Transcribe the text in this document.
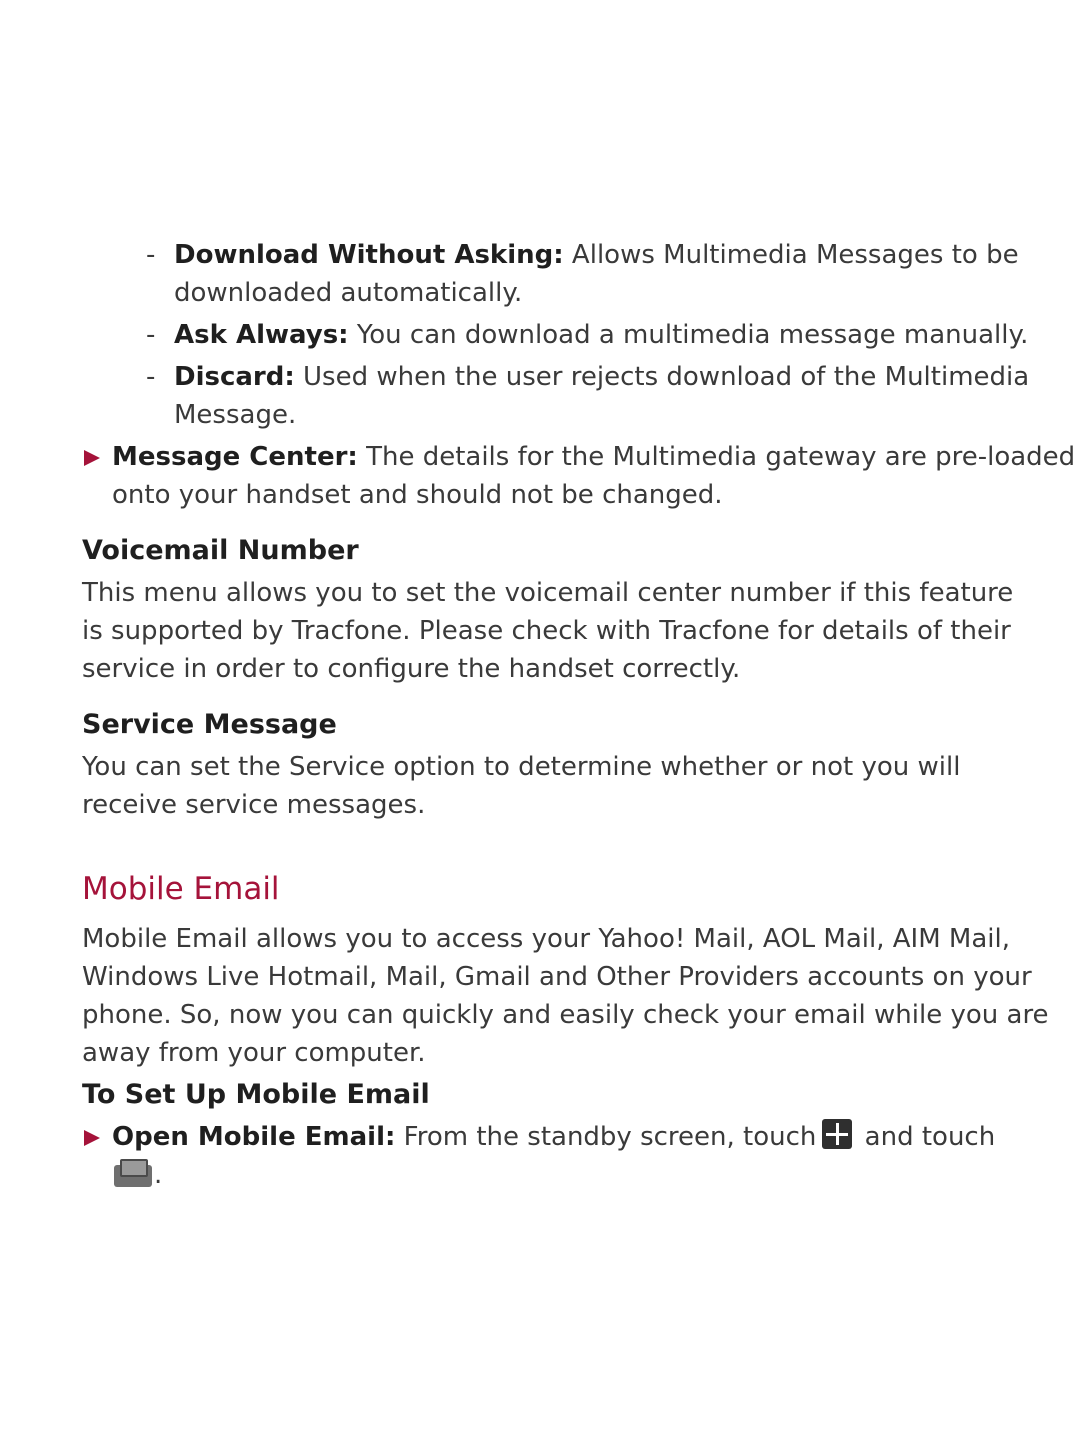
- Download Without Asking: Allows Multimedia Messages to be
downloaded automatically.
- Ask Always: You can download a multimedia message manually.
- Discard: Used when the user rejects download of the Multimedia
Message.
Message Center: The details for the Multimedia gateway are pre-loaded
onto your handset and should not be changed.
Voicemail Number
This menu allows you to set the voicemail center number if this feature
is supported by Tracfone. Please check with Tracfone for details of their
service in order to configure the handset correctly.
Service Message
You can set the Service option to determine whether or not you will
receive service messages.
Mobile Email
Mobile Email allows you to access your Yahoo! Mail, AOL Mail, AIM Mail,
Windows Live Hotmail, Mail, Gmail and Other Providers accounts on your
phone. So, now you can quickly and easily check your email while you are
away from your computer.
To Set Up Mobile Email
Open Mobile Email: From the standby screen, touch and touch
.
